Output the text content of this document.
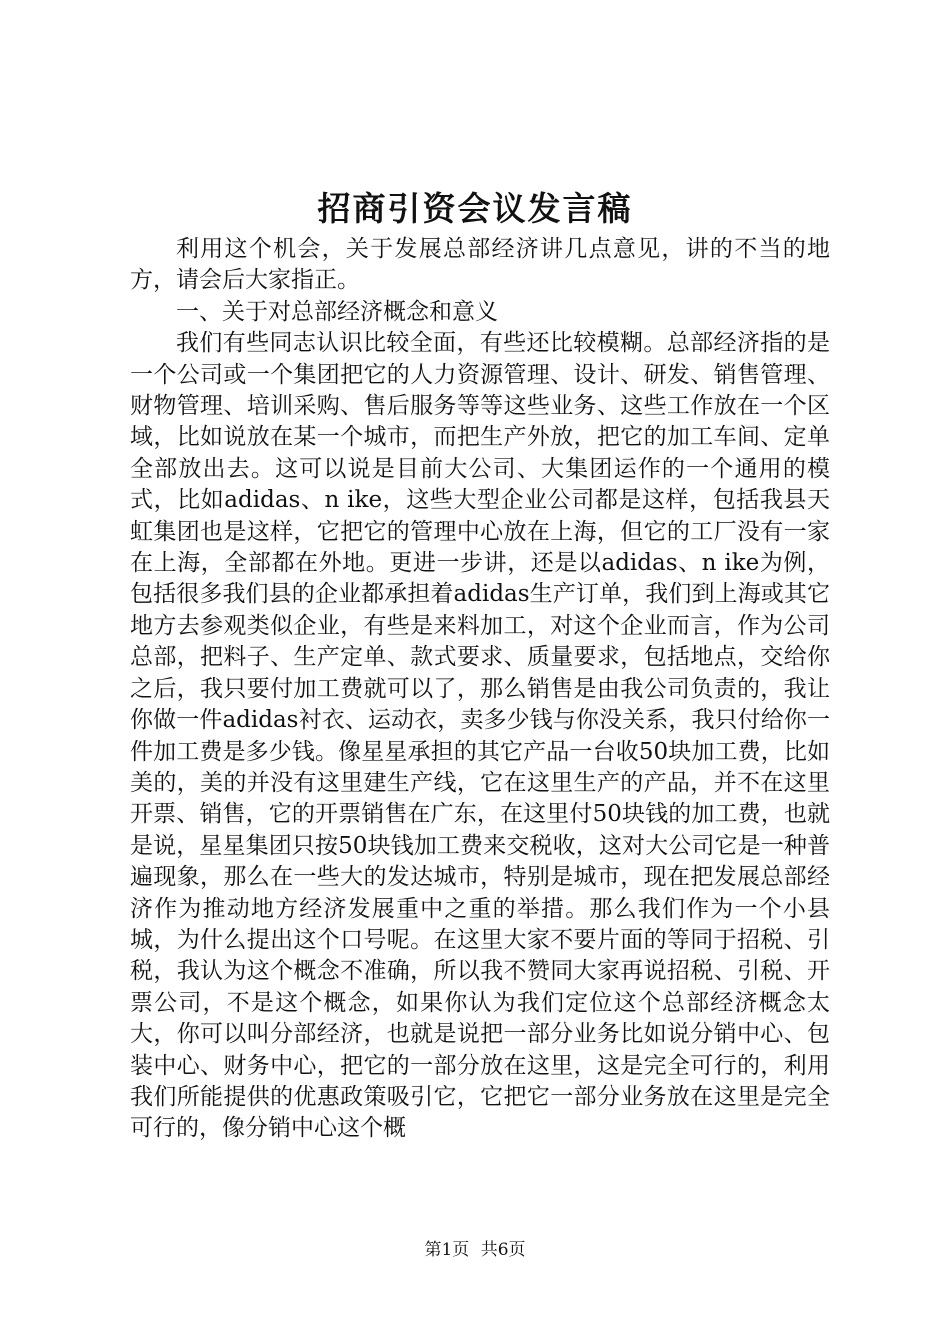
招商引资会议发言稿

利用这个机会，关于发展总部经济讲几点意见，讲的不当的地方，请会后大家指正。

一、关于对总部经济概念和意义

我们有些同志认识比较全面，有些还比较模糊。总部经济指的是一个公司或一个集团把它的人力资源管理、设计、研发、销售管理、财物管理、培训采购、售后服务等等这些业务、这些工作放在一个区域，比如说放在某一个城市，而把生产外放，把它的加工车间、定单全部放出去。这可以说是目前大公司、大集团运作的一个通用的模式，比如adidas、n ike，这些大型企业公司都是这样，包括我县天虹集团也是这样，它把它的管理中心放在上海，但它的工厂没有一家在上海，全部都在外地。更进一步讲，还是以adidas、n ike为例，包括很多我们县的企业都承担着adidas生产订单，我们到上海或其它地方去参观类似企业，有些是来料加工，对这个企业而言，作为公司总部，把料子、生产定单、款式要求、质量要求，包括地点，交给你之后，我只要付加工费就可以了，那么销售是由我公司负责的，我让你做一件adidas衬衣、运动衣，卖多少钱与你没关系，我只付给你一件加工费是多少钱。像星星承担的其它产品一台收50块加工费，比如美的，美的并没有这里建生产线，它在这里生产的产品，并不在这里开票、销售，它的开票销售在广东，在这里付50块钱的加工费，也就是说，星星集团只按50块钱加工费来交税收，这对大公司它是一种普遍现象，那么在一些大的发达城市，特别是城市，现在把发展总部经济作为推动地方经济发展重中之重的举措。那么我们作为一个小县城，为什么提出这个口号呢。在这里大家不要片面的等同于招税、引税，我认为这个概念不准确，所以我不赞同大家再说招税、引税、开票公司，不是这个概念，如果你认为我们定位这个总部经济概念太大，你可以叫分部经济，也就是说把一部分业务比如说分销中心、包装中心、财务中心，把它的一部分放在这里，这是完全可行的，利用我们所能提供的优惠政策吸引它，它把它一部分业务放在这里是完全可行的，像分销中心这个概

第1页 共6页
